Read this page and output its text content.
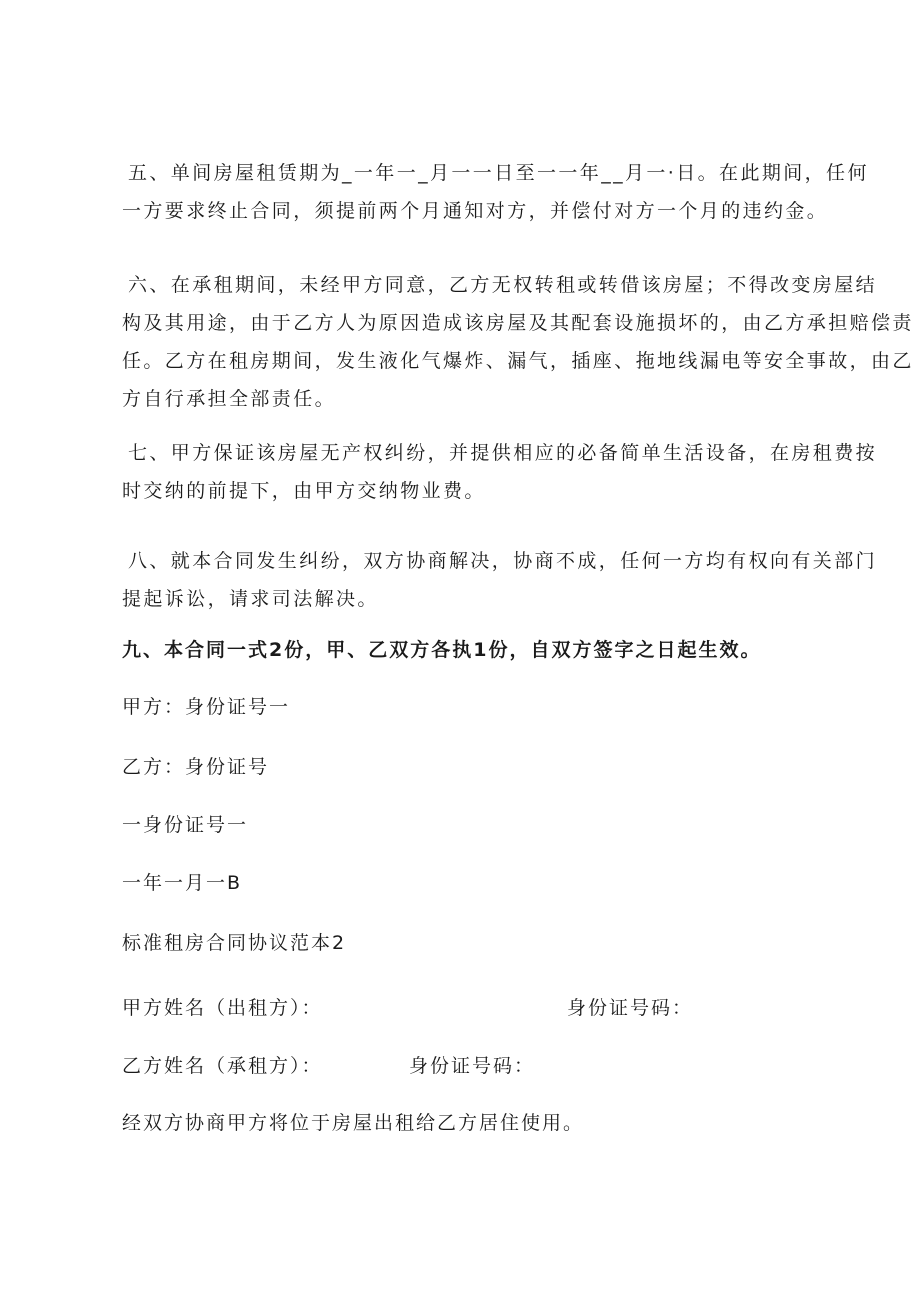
五、单间房屋租赁期为_一年一_月一一日至一一年__月一·日。在此期间，任何
一方要求终止合同，须提前两个月通知对方，并偿付对方一个月的违约金。
六、在承租期间，未经甲方同意，乙方无权转租或转借该房屋；不得改变房屋结
构及其用途，由于乙方人为原因造成该房屋及其配套设施损坏的，由乙方承担赔偿责
任。乙方在租房期间，发生液化气爆炸、漏气，插座、拖地线漏电等安全事故，由乙
方自行承担全部责任。
七、甲方保证该房屋无产权纠纷，并提供相应的必备简单生活设备，在房租费按
时交纳的前提下，由甲方交纳物业费。
八、就本合同发生纠纷，双方协商解决，协商不成，任何一方均有权向有关部门
提起诉讼，请求司法解决。
九、本合同一式2份，甲、乙双方各执1份，自双方签字之日起生效。
甲方：身份证号一
乙方：身份证号
一身份证号一
一年一月一B
标准租房合同协议范本2
甲方姓名（出租方）：	身份证号码：
乙方姓名（承租方）：	身份证号码：
经双方协商甲方将位于房屋出租给乙方居住使用。
